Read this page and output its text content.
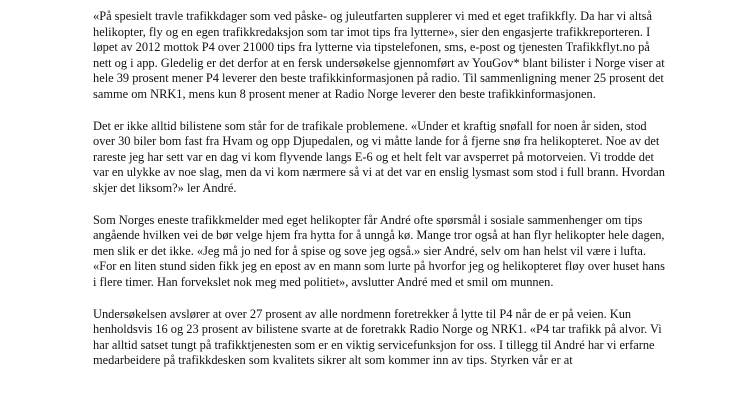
«På spesielt travle trafikkdager som ved påske- og juleutfarten supplerer vi med et eget trafikkfly. Da har vi altså helikopter, fly og en egen trafikkredaksjon som tar imot tips fra lytterne», sier den engasjerte trafikkreporteren. I løpet av 2012 mottok P4 over 21000 tips fra lytterne via tipstelefonen, sms, e-post og tjenesten Trafikkflyt.no på nett og i app. Gledelig er det derfor at en fersk undersøkelse gjennomført av YouGov* blant bilister i Norge viser at hele 39 prosent mener P4 leverer den beste trafikkinformasjonen på radio. Til sammenligning mener 25 prosent det samme om NRK1, mens kun 8 prosent mener at Radio Norge leverer den beste trafikkinformasjonen.

Det er ikke alltid bilistene som står for de trafikale problemene. «Under et kraftig snøfall for noen år siden, stod over 30 biler bom fast fra Hvam og opp Djupedalen, og vi måtte lande for å fjerne snø fra helikopteret. Noe av det rareste jeg har sett var en dag vi kom flyvende langs E-6 og et helt felt var avsperret på motorveien. Vi trodde det var en ulykke av noe slag, men da vi kom nærmere så vi at det var en enslig lysmast som stod i full brann. Hvordan skjer det liksom?» ler André.

Som Norges eneste trafikkmelder med eget helikopter får André ofte spørsmål i sosiale sammenhenger om tips angående hvilken vei de bør velge hjem fra hytta for å unngå kø. Mange tror også at han flyr helikopter hele dagen, men slik er det ikke. «Jeg må jo ned for å spise og sove jeg også.» sier André, selv om han helst vil være i lufta. «For en liten stund siden fikk jeg en epost av en mann som lurte på hvorfor jeg og helikopteret fløy over huset hans i flere timer. Han forvekslet nok meg med politiet», avslutter André med et smil om munnen.

Undersøkelsen avslører at over 27 prosent av alle nordmenn foretrekker å lytte til P4 når de er på veien. Kun henholdsvis 16 og 23 prosent av bilistene svarte at de foretrakk Radio Norge og NRK1. «P4 tar trafikk på alvor. Vi har alltid satset tungt på trafikktjenesten som er en viktig servicefunksjon for oss. I tillegg til André har vi erfarne medarbeidere på trafikkdesken som kvalitets sikrer alt som kommer inn av tips. Styrken vår er at
